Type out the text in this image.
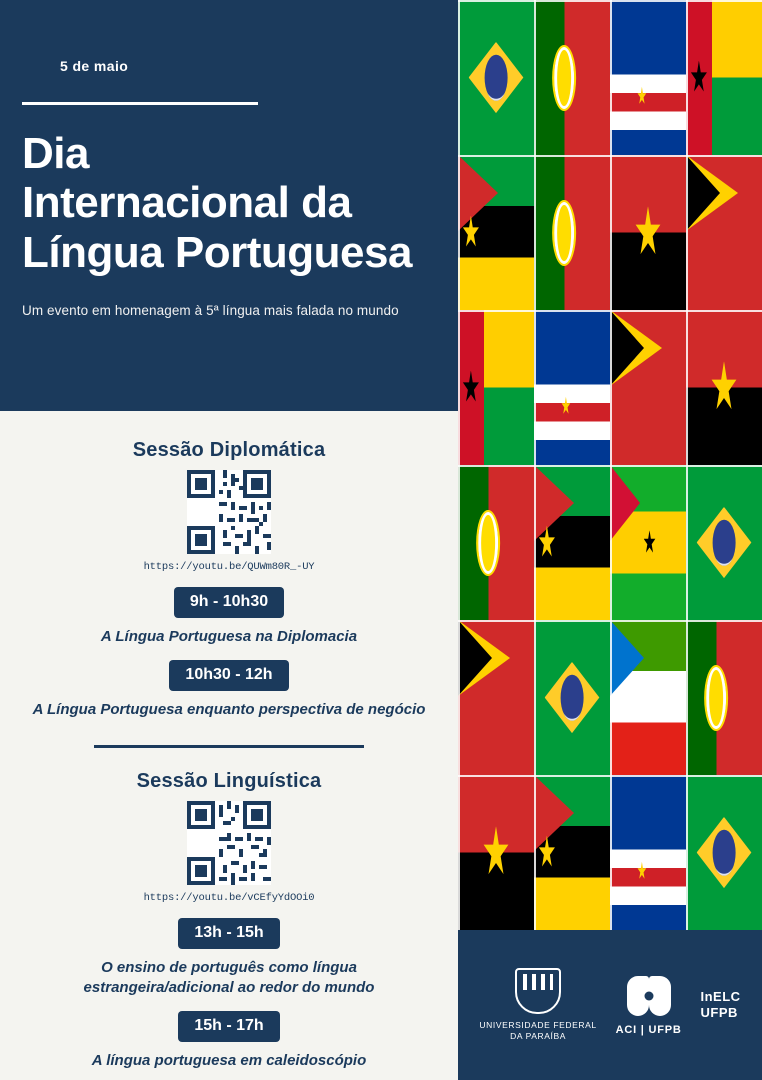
5 de maio
Dia
Internacional da
Língua Portuguesa
Um evento em homenagem à 5ª língua mais falada no mundo
Sessão Diplomática
https://youtu.be/QUWm80R_-UY
9h - 10h30
A Língua Portuguesa na Diplomacia
10h30 - 12h
A Língua Portuguesa enquanto perspectiva de negócio
Sessão Linguística
https://youtu.be/vCEfyYdOOi0
13h - 15h
O ensino de português como língua estrangeira/adicional ao redor do mundo
15h - 17h
A língua portuguesa em caleidoscópio
UNIVERSIDADE FEDERAL
DA PARAÍBA	ACI | UFPB
InELC
UFPB
